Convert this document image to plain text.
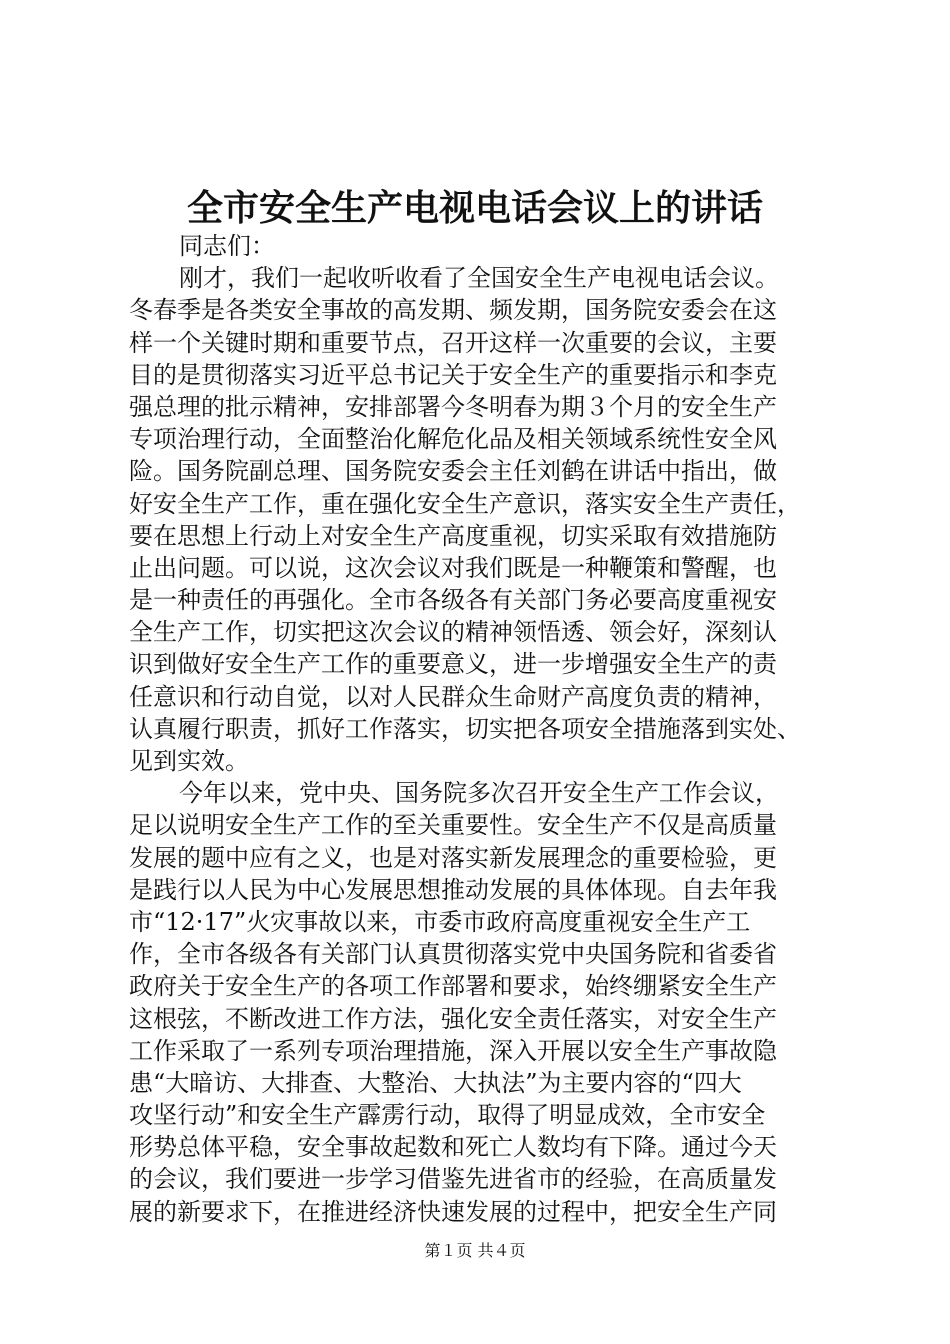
全市安全生产电视电话会议上的讲话
同志们：
刚才，我们一起收听收看了全国安全生产电视电话会议。
冬春季是各类安全事故的高发期、频发期，国务院安委会在这
样一个关键时期和重要节点，召开这样一次重要的会议，主要
目的是贯彻落实习近平总书记关于安全生产的重要指示和李克
强总理的批示精神，安排部署今冬明春为期３个月的安全生产
专项治理行动，全面整治化解危化品及相关领域系统性安全风
险。国务院副总理、国务院安委会主任刘鹤在讲话中指出，做
好安全生产工作，重在强化安全生产意识，落实安全生产责任，
要在思想上行动上对安全生产高度重视，切实采取有效措施防
止出问题。可以说，这次会议对我们既是一种鞭策和警醒，也
是一种责任的再强化。全市各级各有关部门务必要高度重视安
全生产工作，切实把这次会议的精神领悟透、领会好，深刻认
识到做好安全生产工作的重要意义，进一步增强安全生产的责
任意识和行动自觉，以对人民群众生命财产高度负责的精神，
认真履行职责，抓好工作落实，切实把各项安全措施落到实处、
见到实效。
今年以来，党中央、国务院多次召开安全生产工作会议，
足以说明安全生产工作的至关重要性。安全生产不仅是高质量
发展的题中应有之义，也是对落实新发展理念的重要检验，更
是践行以人民为中心发展思想推动发展的具体体现。自去年我
市“12·17”火灾事故以来，市委市政府高度重视安全生产工
作，全市各级各有关部门认真贯彻落实党中央国务院和省委省
政府关于安全生产的各项工作部署和要求，始终绷紧安全生产
这根弦，不断改进工作方法，强化安全责任落实，对安全生产
工作采取了一系列专项治理措施，深入开展以安全生产事故隐
患“大暗访、大排查、大整治、大执法”为主要内容的“四大
攻坚行动”和安全生产霹雳行动，取得了明显成效，全市安全
形势总体平稳，安全事故起数和死亡人数均有下降。通过今天
的会议，我们要进一步学习借鉴先进省市的经验，在高质量发
展的新要求下，在推进经济快速发展的过程中，把安全生产同
第１页 共４页
